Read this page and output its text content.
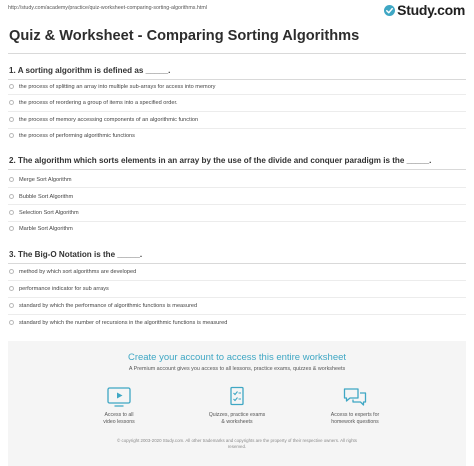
http://study.com/academy/practice/quiz-worksheet-comparing-sorting-algorithms.html	Study.com
Quiz & Worksheet - Comparing Sorting Algorithms
1. A sorting algorithm is defined as _____.
the process of splitting an array into multiple sub-arrays for access into memory
the process of reordering a group of items into a specified order.
the process of memory accessing components of an algorithmic function
the process of performing algorithmic functions
2. The algorithm which sorts elements in an array by the use of the divide and conquer paradigm is the _____.
Merge Sort Algorithm
Bubble Sort Algorithm
Selection Sort Algorithm
Marble Sort Algorithm
3. The Big-O Notation is the _____.
method by which sort algorithms are developed
performance indicator for sub arrays
standard by which the performance of algorithmic functions is measured
standard by which the number of recursions in the algorithmic functions is measured
Create your account to access this entire worksheet
A Premium account gives you access to all lessons, practice exams, quizzes & worksheets
Access to all
video lessons
Quizzes, practice exams
& worksheets
Access to experts for
homework questions
© copyright 2003-2020 Study.com. All other trademarks and copyrights are the property of their respective owners. All rights
reserved.
